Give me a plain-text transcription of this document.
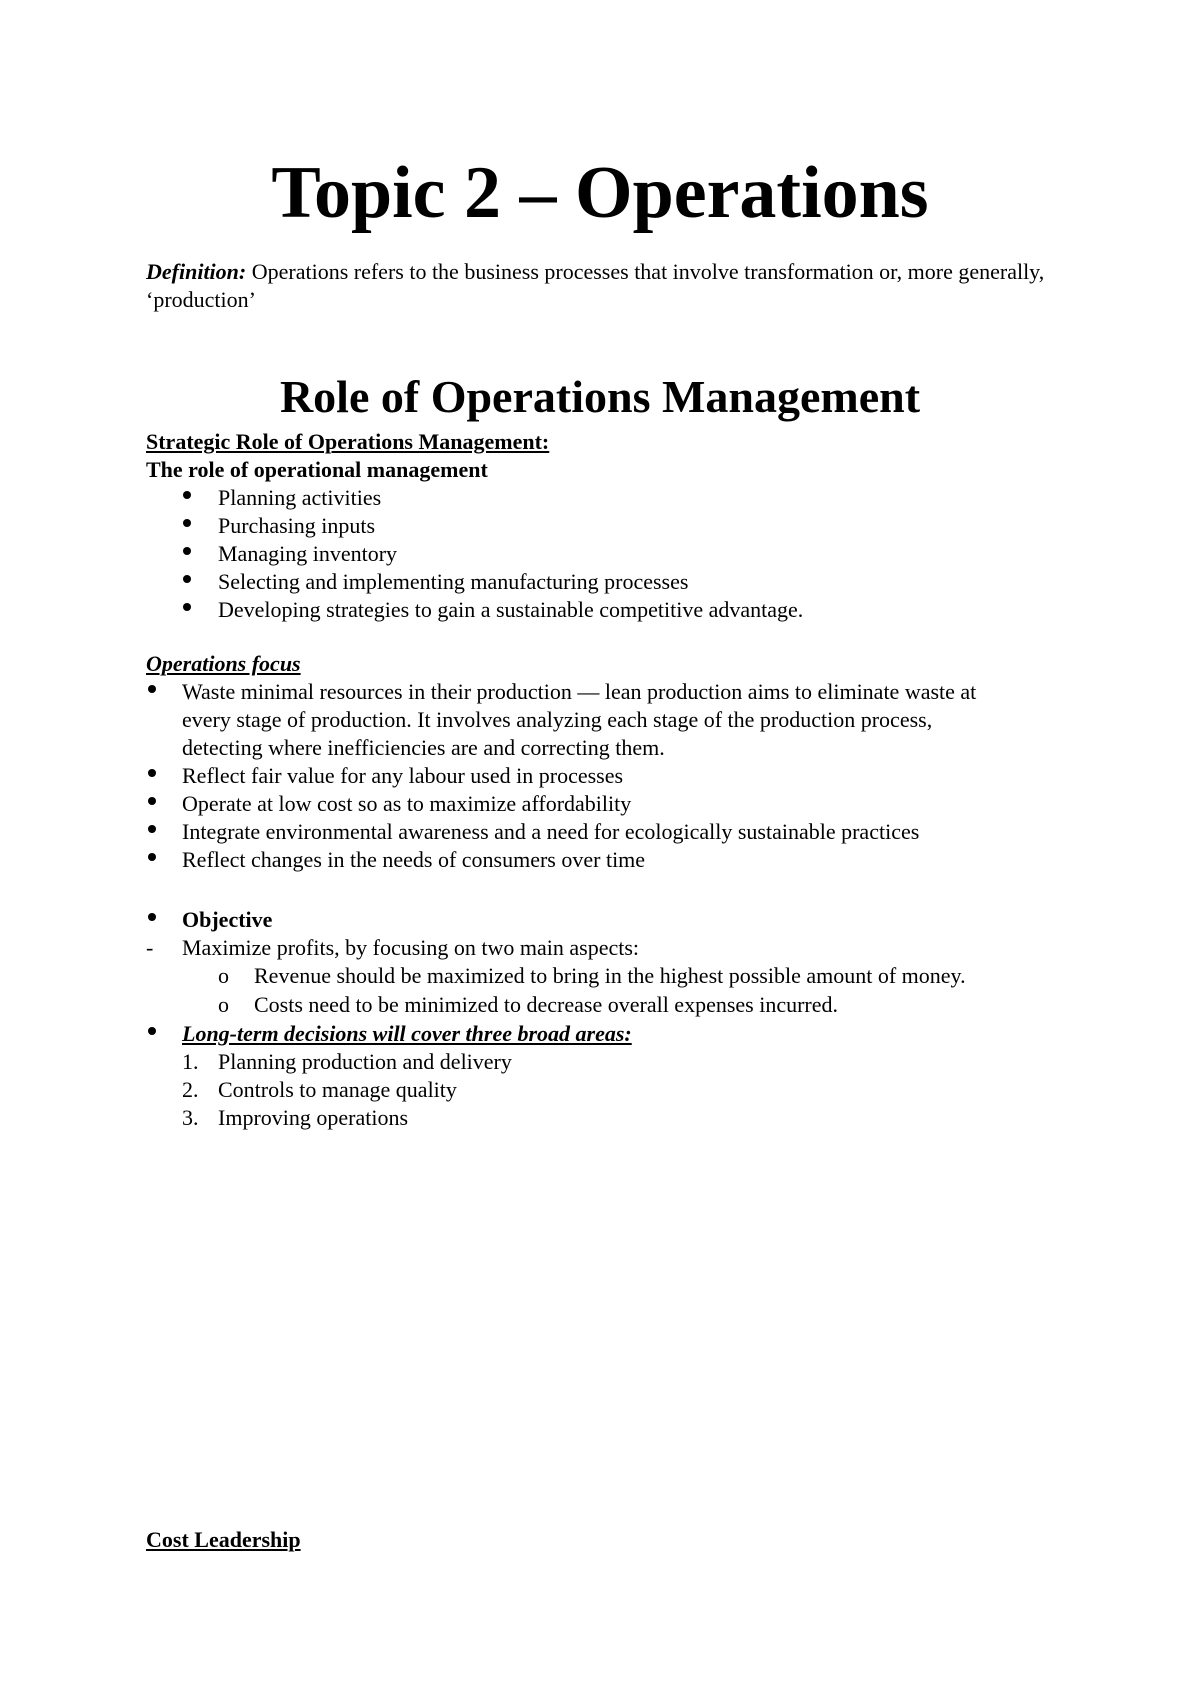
Topic 2 – Operations
Definition: Operations refers to the business processes that involve transformation or, more generally, ‘production’
Role of Operations Management
Strategic Role of Operations Management:
The role of operational management
Planning activities
Purchasing inputs
Managing inventory
Selecting and implementing manufacturing processes
Developing strategies to gain a sustainable competitive advantage.
Operations focus
Waste minimal resources in their production — lean production aims to eliminate waste at
every stage of production. It involves analyzing each stage of the production process,
detecting where inefficiencies are and correcting them.
Reflect fair value for any labour used in processes
Operate at low cost so as to maximize affordability
Integrate environmental awareness and a need for ecologically sustainable practices
Reflect changes in the needs of consumers over time
Objective
- Maximize profits, by focusing on two main aspects:
o Revenue should be maximized to bring in the highest possible amount of money.
o Costs need to be minimized to decrease overall expenses incurred.
Long-term decisions will cover three broad areas:
1. Planning production and delivery
2. Controls to manage quality
3. Improving operations
Cost Leadership
